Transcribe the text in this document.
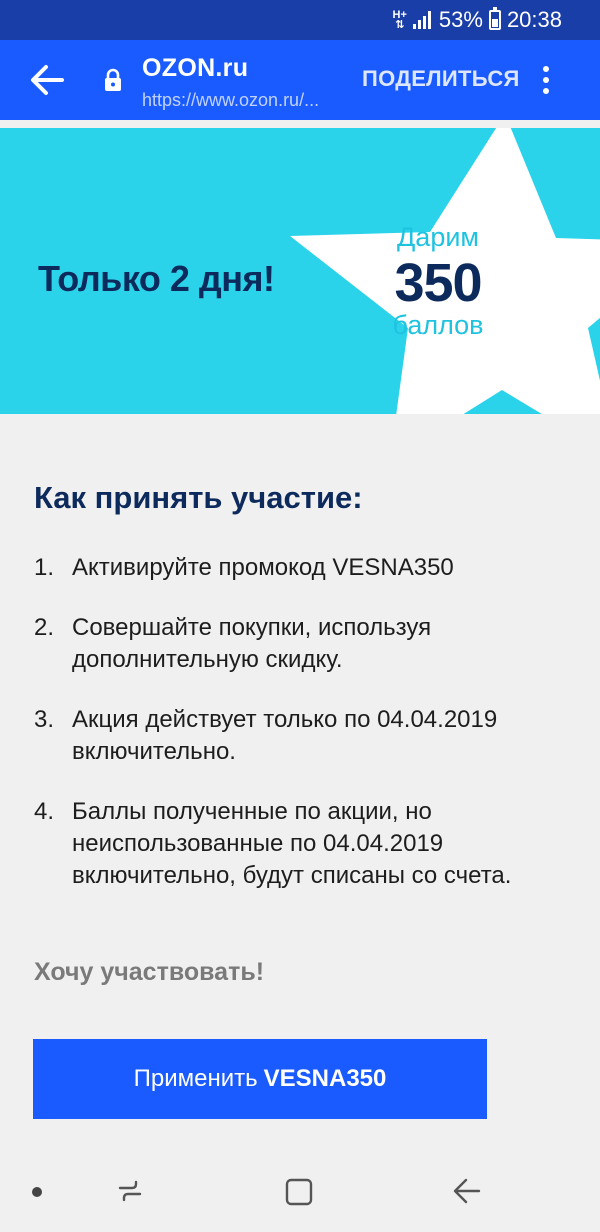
H+
⇅ 53% 20:38
OZON.ru
https://www.ozon.ru/...
ПОДЕЛИТЬСЯ
Только 2 дня!
Дарим
350
баллов
Как принять участие:
1. Активируйте промокод VESNA350
2. Совершайте покупки, используя дополнительную скидку.
3. Акция действует только по 04.04.2019 включительно.
4. Баллы полученные по акции, но неиспользованные по 04.04.2019 включительно, будут списаны со счета.
Хочу участвовать!
Применить VESNA350
